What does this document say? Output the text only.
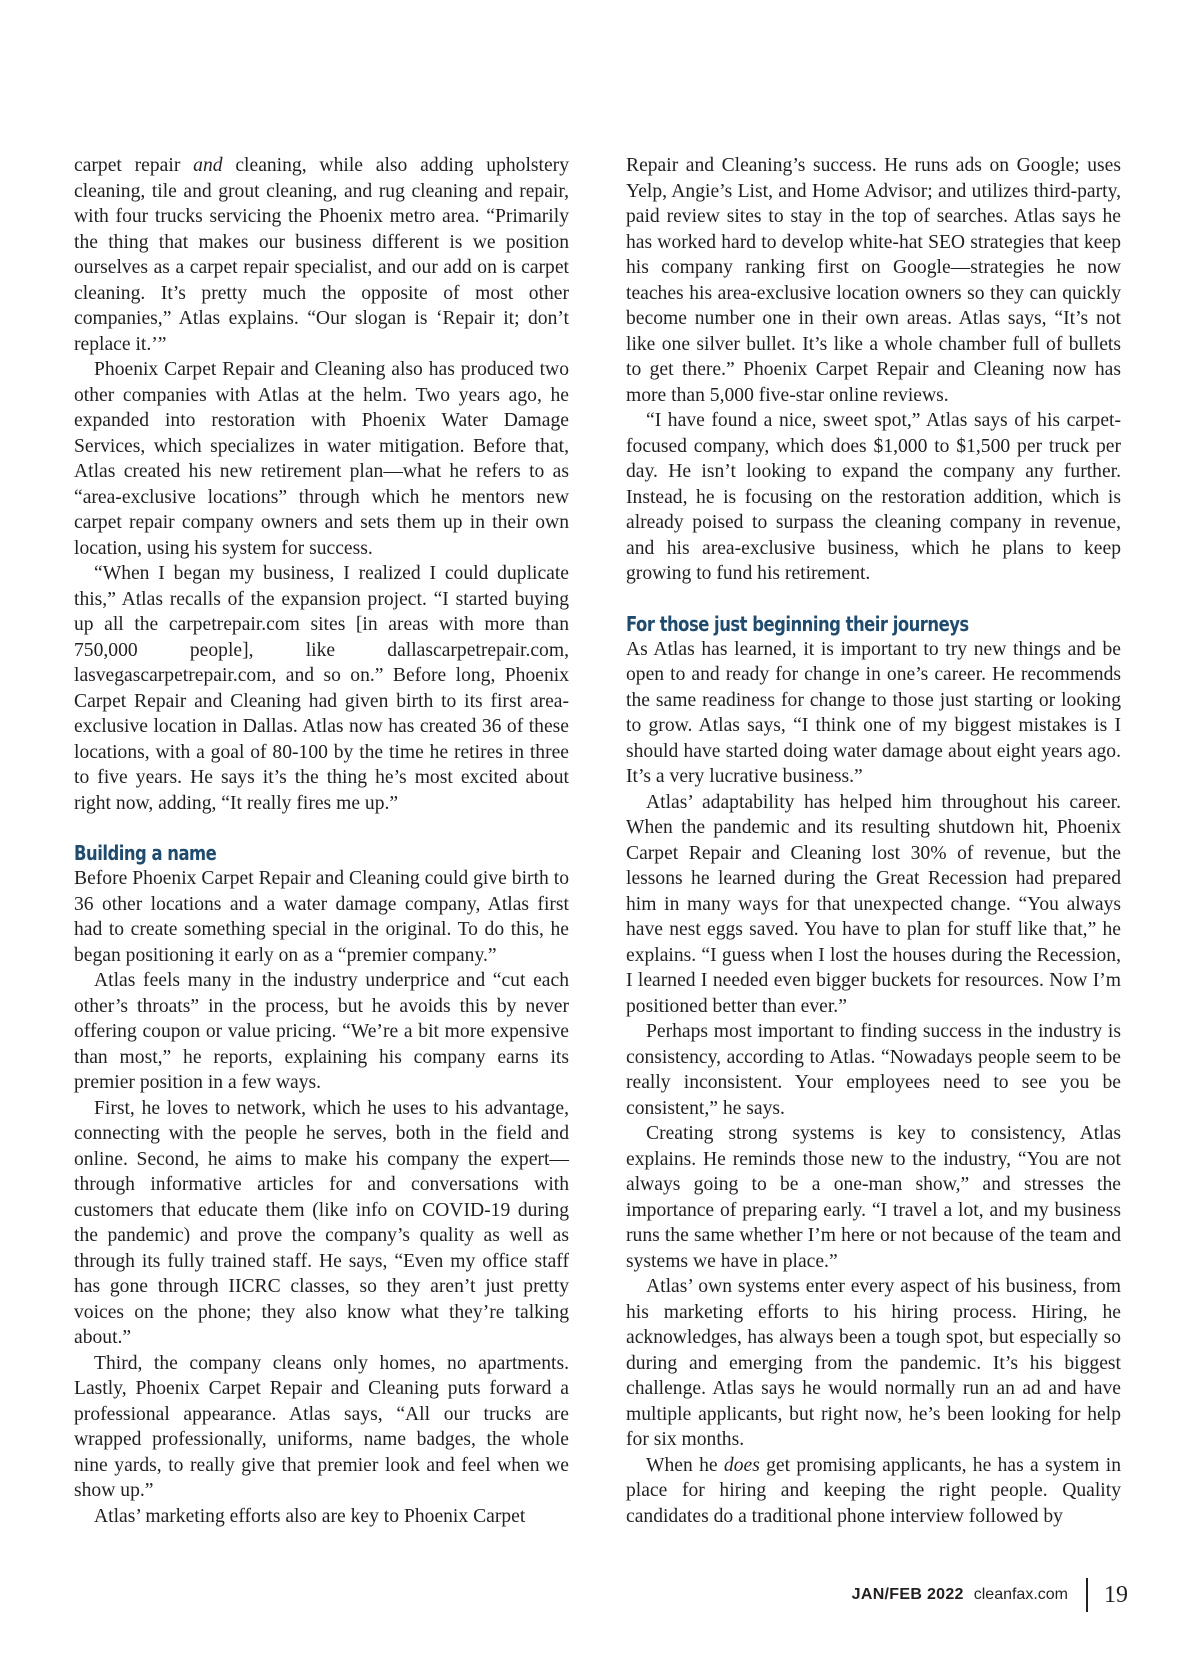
carpet repair and cleaning, while also adding upholstery cleaning, tile and grout cleaning, and rug cleaning and repair, with four trucks servicing the Phoenix metro area. “Primarily the thing that makes our business different is we position ourselves as a carpet repair specialist, and our add on is carpet cleaning. It’s pretty much the opposite of most other companies,” Atlas explains. “Our slogan is ‘Repair it; don’t replace it.’”

Phoenix Carpet Repair and Cleaning also has produced two other companies with Atlas at the helm. Two years ago, he expanded into restoration with Phoenix Water Damage Services, which specializes in water mitigation. Before that, Atlas created his new retirement plan—what he refers to as “area-exclusive locations” through which he mentors new carpet repair company owners and sets them up in their own location, using his system for success.

“When I began my business, I realized I could duplicate this,” Atlas recalls of the expansion project. “I started buying up all the carpetrepair.com sites [in areas with more than 750,000 people], like dallascarpetrepair.com, lasvegascarpetrepair.com, and so on.” Before long, Phoenix Carpet Repair and Cleaning had given birth to its first area-exclusive location in Dallas. Atlas now has created 36 of these locations, with a goal of 80-100 by the time he retires in three to five years. He says it’s the thing he’s most excited about right now, adding, “It really fires me up.”

Building a name

Before Phoenix Carpet Repair and Cleaning could give birth to 36 other locations and a water damage company, Atlas first had to create something special in the original. To do this, he began positioning it early on as a “premier company.”

Atlas feels many in the industry underprice and “cut each other’s throats” in the process, but he avoids this by never offering coupon or value pricing. “We’re a bit more expensive than most,” he reports, explaining his company earns its premier position in a few ways.

First, he loves to network, which he uses to his advantage, connecting with the people he serves, both in the field and online. Second, he aims to make his company the expert—through informative articles for and conversations with customers that educate them (like info on COVID-19 during the pandemic) and prove the company’s quality as well as through its fully trained staff. He says, “Even my office staff has gone through IICRC classes, so they aren’t just pretty voices on the phone; they also know what they’re talking about.”

Third, the company cleans only homes, no apartments. Lastly, Phoenix Carpet Repair and Cleaning puts forward a professional appearance. Atlas says, “All our trucks are wrapped professionally, uniforms, name badges, the whole nine yards, to really give that premier look and feel when we show up.”

Atlas’ marketing efforts also are key to Phoenix Carpet

Repair and Cleaning’s success. He runs ads on Google; uses Yelp, Angie’s List, and Home Advisor; and utilizes third-party, paid review sites to stay in the top of searches. Atlas says he has worked hard to develop white-hat SEO strategies that keep his company ranking first on Google—strategies he now teaches his area-exclusive location owners so they can quickly become number one in their own areas. Atlas says, “It’s not like one silver bullet. It’s like a whole chamber full of bullets to get there.” Phoenix Carpet Repair and Cleaning now has more than 5,000 five-star online reviews.

“I have found a nice, sweet spot,” Atlas says of his carpet-focused company, which does $1,000 to $1,500 per truck per day. He isn’t looking to expand the company any further. Instead, he is focusing on the restoration addition, which is already poised to surpass the cleaning company in revenue, and his area-exclusive business, which he plans to keep growing to fund his retirement.

For those just beginning their journeys

As Atlas has learned, it is important to try new things and be open to and ready for change in one’s career. He recommends the same readiness for change to those just starting or looking to grow. Atlas says, “I think one of my biggest mistakes is I should have started doing water damage about eight years ago. It’s a very lucrative business.”

Atlas’ adaptability has helped him throughout his career. When the pandemic and its resulting shutdown hit, Phoenix Carpet Repair and Cleaning lost 30% of revenue, but the lessons he learned during the Great Recession had prepared him in many ways for that unexpected change. “You always have nest eggs saved. You have to plan for stuff like that,” he explains. “I guess when I lost the houses during the Recession, I learned I needed even bigger buckets for resources. Now I’m positioned better than ever.”

Perhaps most important to finding success in the industry is consistency, according to Atlas. “Nowadays people seem to be really inconsistent. Your employees need to see you be consistent,” he says.

Creating strong systems is key to consistency, Atlas explains. He reminds those new to the industry, “You are not always going to be a one-man show,” and stresses the importance of preparing early. “I travel a lot, and my business runs the same whether I’m here or not because of the team and systems we have in place.”

Atlas’ own systems enter every aspect of his business, from his marketing efforts to his hiring process. Hiring, he acknowledges, has always been a tough spot, but especially so during and emerging from the pandemic. It’s his biggest challenge. Atlas says he would normally run an ad and have multiple applicants, but right now, he’s been looking for help for six months.

When he does get promising applicants, he has a system in place for hiring and keeping the right people. Quality candidates do a traditional phone interview followed by

JAN/FEB 2022 cleanfax.com 19
